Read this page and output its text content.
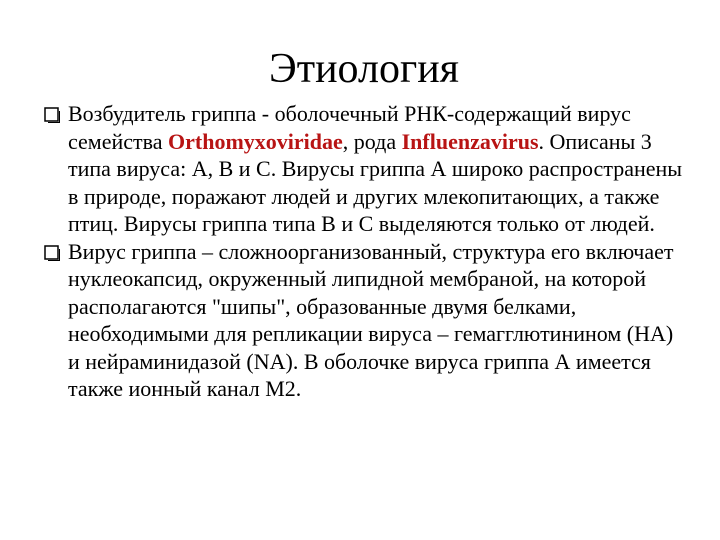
Этиология

Возбудитель гриппа - оболочечный РНК-содержащий вирус семейства Orthomyxoviridae, рода Influenzavirus. Описаны 3 типа вируса: А, В и С. Вирусы гриппа А широко распространены в природе, поражают людей и других млекопитающих, а также птиц. Вирусы гриппа типа В и С выделяются только от людей.

Вирус гриппа – сложноорганизованный, структура его включает нуклеокапсид, окруженный липидной мембраной, на которой располагаются "шипы", образованные двумя белками, необходимыми для репликации вируса – гемагглютинином (НА) и нейраминидазой (NA). В оболочке вируса гриппа А имеется также ионный канал М2.
